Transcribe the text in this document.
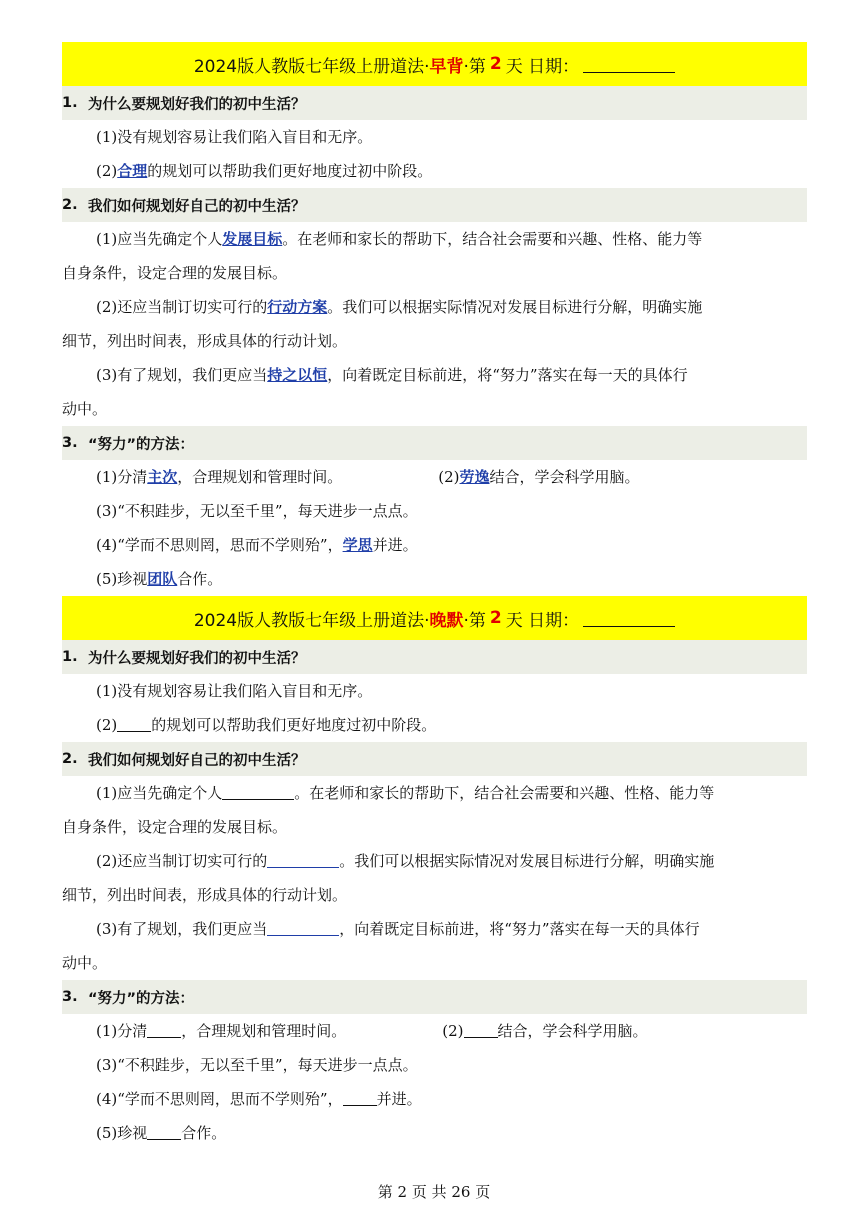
2024版人教版七年级上册道法· 早背 ·第 2 天 日期：
1. 为什么要规划好我们的初中生活？
(1)没有规划容易让我们陷入盲目和无序。
(2)合理的规划可以帮助我们更好地度过初中阶段。
2. 我们如何规划好自己的初中生活？
(1)应当先确定个人发展目标。在老师和家长的帮助下，结合社会需要和兴趣、性格、能力等
自身条件，设定合理的发展目标。
(2)还应当制订切实可行的行动方案。我们可以根据实际情况对发展目标进行分解，明确实施
细节，列出时间表，形成具体的行动计划。
(3)有了规划，我们更应当持之以恒，向着既定目标前进，将“努力”落实在每一天的具体行
动中。
3. “努力”的方法：
(1)分清主次，合理规划和管理时间。	(2)劳逸结合，学会科学用脑。
(3)“不积跬步，无以至千里”，每天进步一点点。
(4)“学而不思则罔，思而不学则殆”，学思并进。
(5)珍视团队合作。
2024版人教版七年级上册道法· 晚默 ·第 2 天 日期：
1. 为什么要规划好我们的初中生活？
(1)没有规划容易让我们陷入盲目和无序。
(2) 的规划可以帮助我们更好地度过初中阶段。
2. 我们如何规划好自己的初中生活？
(1)应当先确定个人	。在老师和家长的帮助下，结合社会需要和兴趣、性格、能力等
自身条件，设定合理的发展目标。
(2)还应当制订切实可行的	。我们可以根据实际情况对发展目标进行分解，明确实施
细节，列出时间表，形成具体的行动计划。
(3)有了规划，我们更应当	，向着既定目标前进，将“努力”落实在每一天的具体行
动中。
3. “努力”的方法：
(1)分清 ，合理规划和管理时间。	(2) 结合，学会科学用脑。
(3)“不积跬步，无以至千里”，每天进步一点点。
(4)“学而不思则罔，思而不学则殆”， 并进。
(5)珍视 合作。
第 2 页 共 26 页
